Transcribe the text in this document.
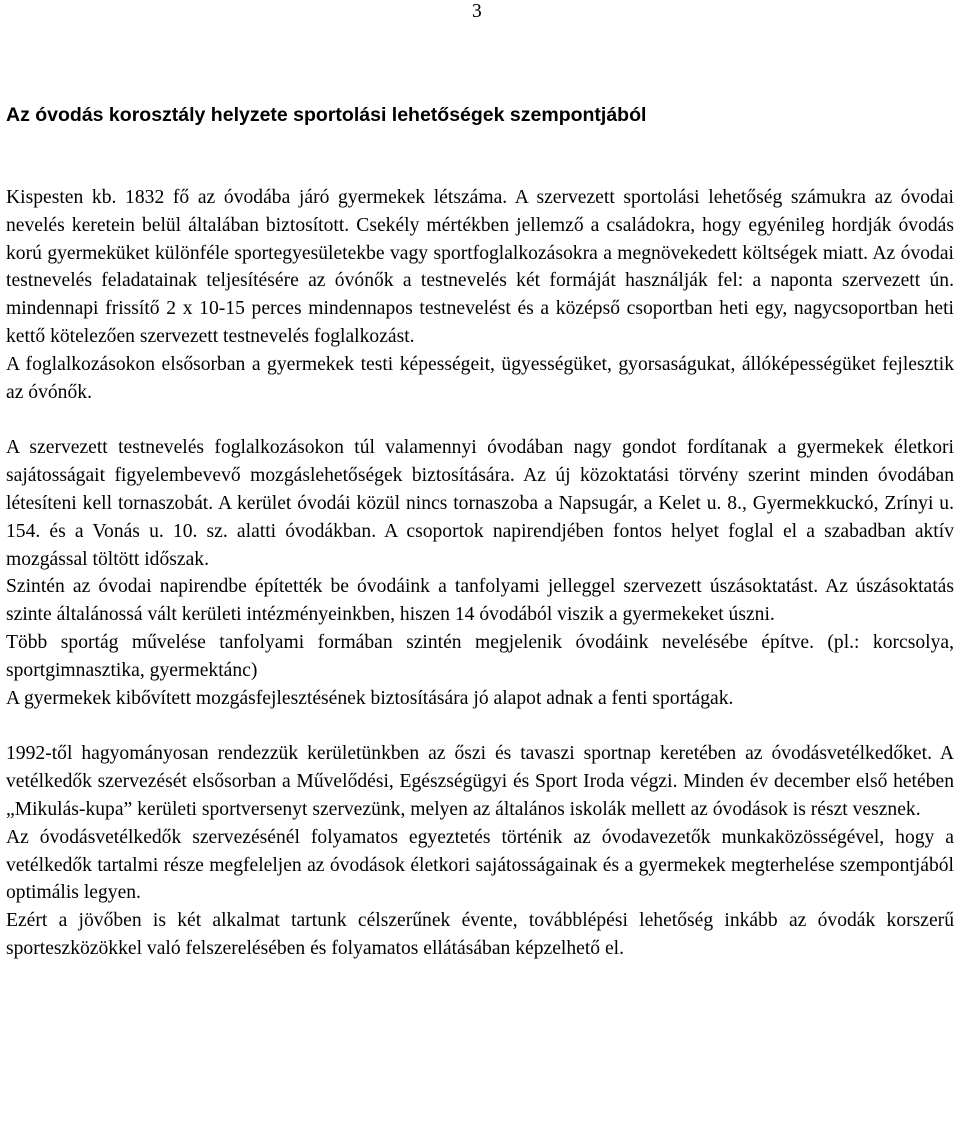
3
Az óvodás korosztály helyzete sportolási lehetőségek szempontjából

Kispesten kb. 1832 fő az óvodába járó gyermekek létszáma. A szervezett sportolási lehetőség számukra az óvodai nevelés keretein belül általában biztosított. Csekély mértékben jellemző a családokra, hogy egyénileg hordják óvodás korú gyermeküket különféle sportegyesületekbe vagy sportfoglalkozásokra a megnövekedett költségek miatt. Az óvodai testnevelés feladatainak teljesítésére az óvónők a testnevelés két formáját használják fel: a naponta szervezett ún. mindennapi frissítő 2 x 10-15 perces mindennapos testnevelést és a középső csoportban heti egy, nagycsoportban heti kettő kötelezően szervezett testnevelés foglalkozást.

A foglalkozásokon elsősorban a gyermekek testi képességeit, ügyességüket, gyorsaságukat, állóképességüket fejlesztik az óvónők.

A szervezett testnevelés foglalkozásokon túl valamennyi óvodában nagy gondot fordítanak a gyermekek életkori sajátosságait figyelembevevő mozgáslehetőségek biztosítására. Az új közoktatási törvény szerint minden óvodában létesíteni kell tornaszobát. A kerület óvodái közül nincs tornaszoba a Napsugár, a Kelet u. 8., Gyermekkuckó, Zrínyi u. 154. és a Vonás u. 10. sz. alatti óvodákban. A csoportok napirendjében fontos helyet foglal el a szabadban aktív mozgással töltött időszak.

Szintén az óvodai napirendbe építették be óvodáink a tanfolyami jelleggel szervezett úszásoktatást. Az úszásoktatás szinte általánossá vált kerületi intézményeinkben, hiszen 14 óvodából viszik a gyermekeket úszni.

Több sportág művelése tanfolyami formában szintén megjelenik óvodáink nevelésébe építve. (pl.: korcsolya, sportgimnasztika, gyermektánc)

A gyermekek kibővített mozgásfejlesztésének biztosítására jó alapot adnak a fenti sportágak.

1992-től hagyományosan rendezzük kerületünkben az őszi és tavaszi sportnap keretében az óvodásvetélkedőket. A vetélkedők szervezését elsősorban a Művelődési, Egészségügyi és Sport Iroda végzi. Minden év december első hetében „Mikulás-kupa” kerületi sportversenyt szervezünk, melyen az általános iskolák mellett az óvodások is részt vesznek.

Az óvodásvetélkedők szervezésénél folyamatos egyeztetés történik az óvodavezetők munkaközösségével, hogy a vetélkedők tartalmi része megfeleljen az óvodások életkori sajátosságainak és a gyermekek megterhelése szempontjából optimális legyen.

Ezért a jövőben is két alkalmat tartunk célszerűnek évente, továbblépési lehetőség inkább az óvodák korszerű sporteszközökkel való felszerelésében és folyamatos ellátásában képzelhető el.
